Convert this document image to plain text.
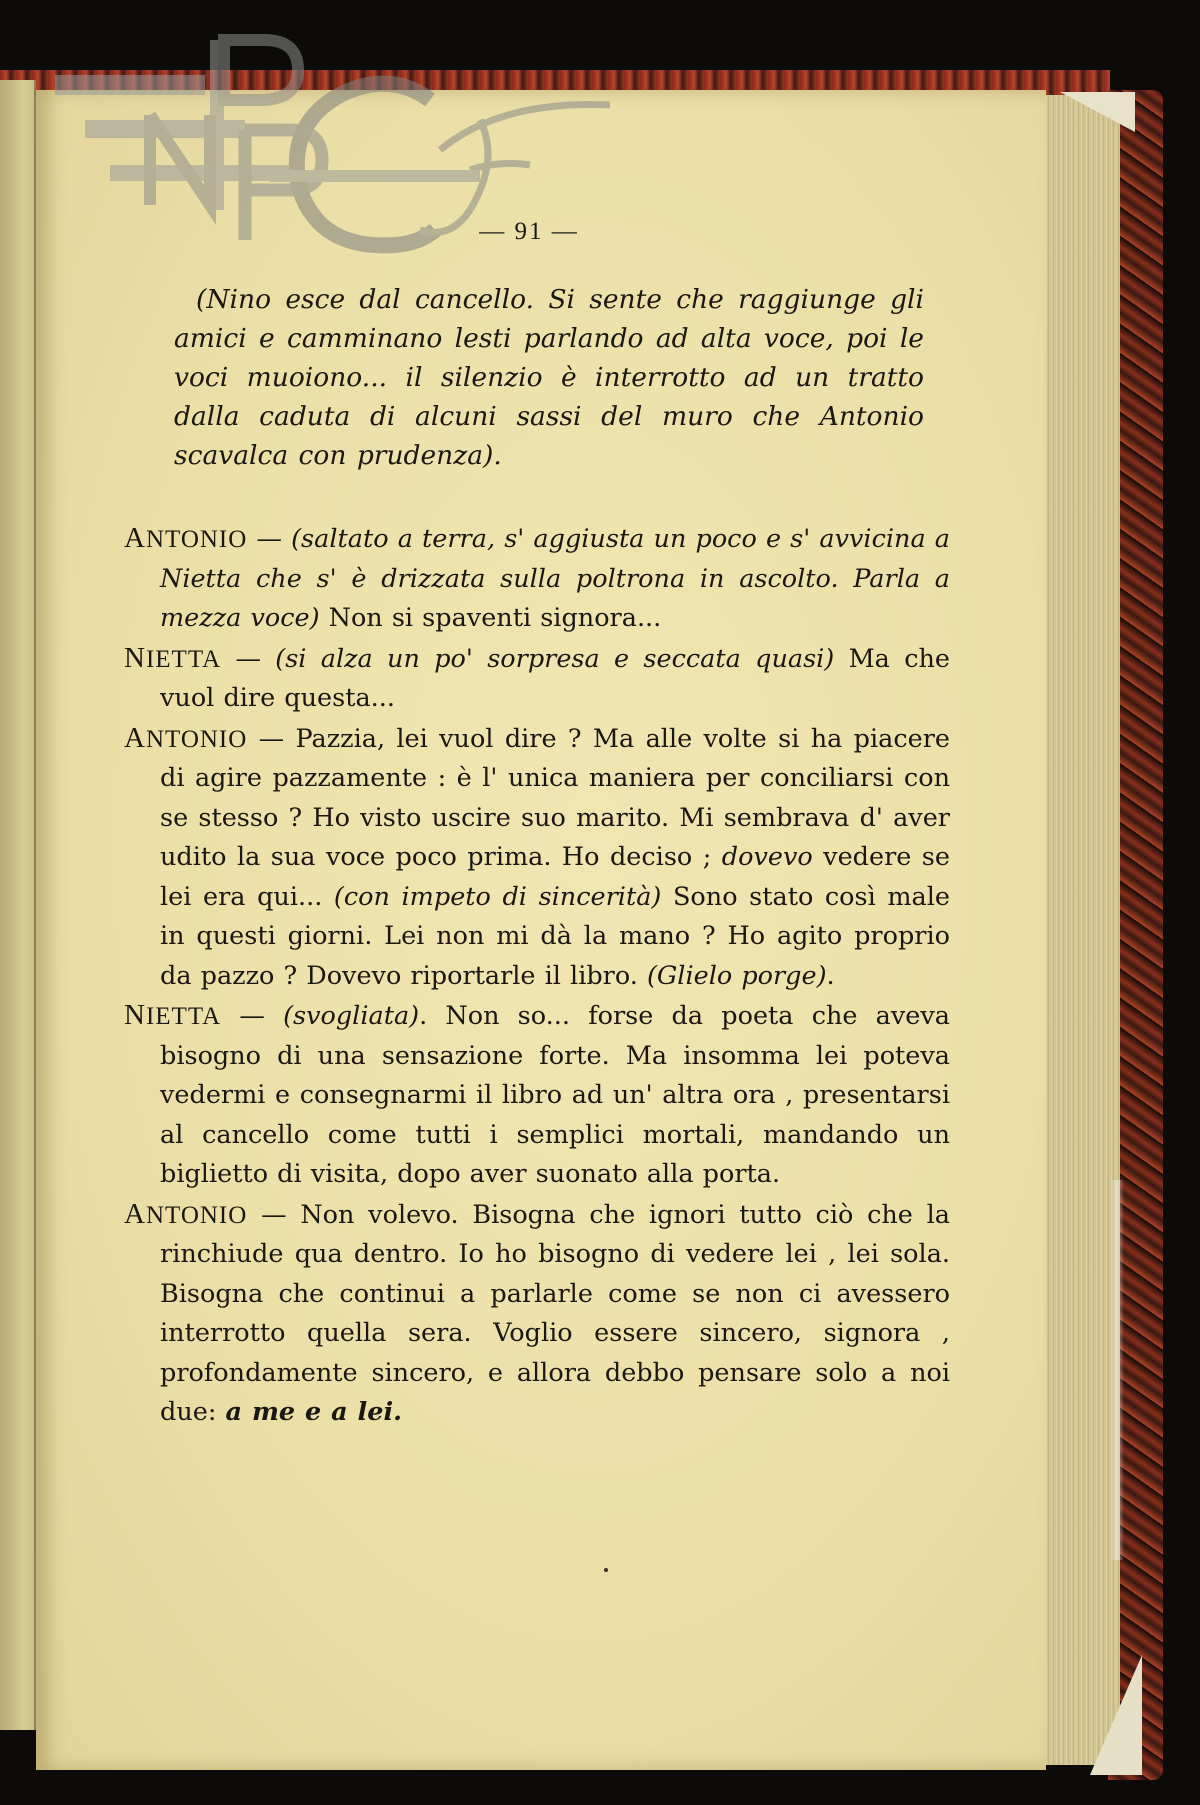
— 91 —

(Nino esce dal cancello. Si sente che raggiunge gli amici e camminano lesti parlando ad alta voce, poi le voci muoiono... il silenzio è interrotto ad un tratto dalla caduta di alcuni sassi del muro che Antonio scavalca con prudenza).

ANTONIO — (saltato a terra, s' aggiusta un poco e s' avvicina a Nietta che s' è drizzata sulla poltrona in ascolto. Parla a mezza voce) Non si spaventi signora...

NIETTA — (si alza un po' sorpresa e seccata quasi) Ma che vuol dire questa...

ANTONIO — Pazzia, lei vuol dire ? Ma alle volte si ha piacere di agire pazzamente : è l' unica maniera per conciliarsi con se stesso ? Ho visto uscire suo marito. Mi sembrava d' aver udito la sua voce poco prima. Ho deciso ; dovevo vedere se lei era qui... (con impeto di sincerità) Sono stato così male in questi giorni. Lei non mi dà la mano ? Ho agito proprio da pazzo ? Dovevo riportarle il libro. (Glielo porge).

NIETTA — (svogliata). Non so... forse da poeta che aveva bisogno di una sensazione forte. Ma insomma lei poteva vedermi e consegnarmi il libro ad un' altra ora , presentarsi al cancello come tutti i semplici mortali, mandando un biglietto di visita, dopo aver suonato alla porta.

ANTONIO — Non volevo. Bisogna che ignori tutto ciò che la rinchiude qua dentro. Io ho bisogno di vedere lei , lei sola. Bisogna che continui a parlarle come se non ci avessero interrotto quella sera. Voglio essere sincero, signora , profondamente sincero, e allora debbo pensare solo a noi due: a me e a lei.
